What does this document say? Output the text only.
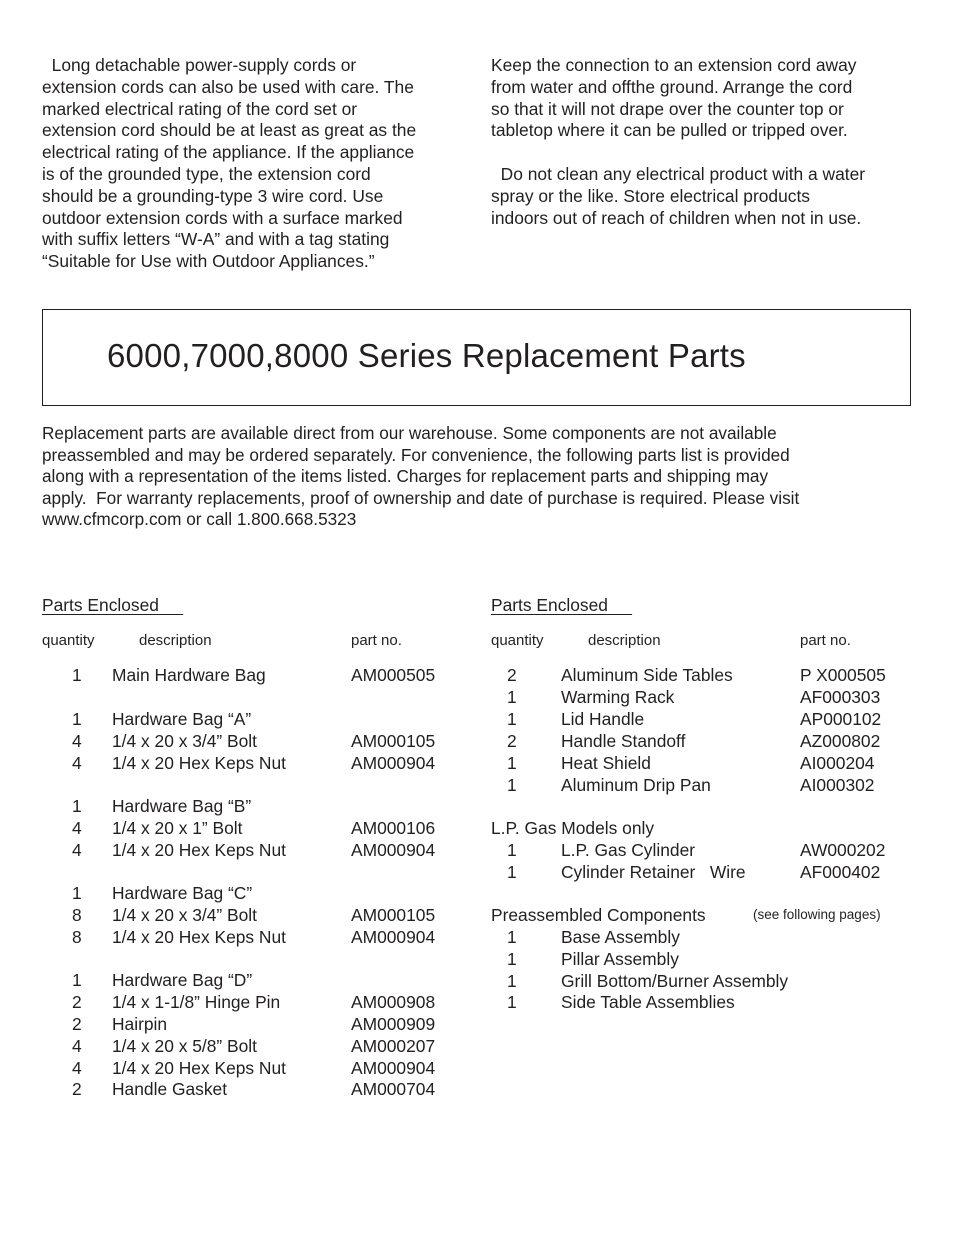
Long detachable power-supply cords or
extension cords can also be used with care. The
marked electrical rating of the cord set or
extension cord should be at least as great as the
electrical rating of the appliance. If the appliance
is of the grounded type, the extension cord
should be a grounding-type 3 wire cord. Use
outdoor extension cords with a surface marked
with suffix letters “W-A” and with a tag stating
“Suitable for Use with Outdoor Appliances.”

Keep the connection to an extension cord away
from water and offthe ground. Arrange the cord
so that it will not drape over the counter top or
tabletop where it can be pulled or tripped over.

Do not clean any electrical product with a water
spray or the like. Store electrical products
indoors out of reach of children when not in use.

6000,7000,8000 Series Replacement Parts
Replacement parts are available direct from our warehouse. Some components are not available
preassembled and may be ordered separately. For convenience, the following parts list is provided
along with a representation of the items listed. Charges for replacement parts and shipping may
apply.  For warranty replacements, proof of ownership and date of purchase is required. Please visit
www.cfmcorp.com or call 1.800.668.5323
Parts Enclosed
quantity	description	part no.
1 Main Hardware Bag	AM000505
1 Hardware Bag “A”
4 1/4 x 20 x 3/4” Bolt	AM000105
4 1/4 x 20 Hex Keps Nut	AM000904
1 Hardware Bag “B”
4 1/4 x 20 x 1” Bolt	AM000106
4 1/4 x 20 Hex Keps Nut	AM000904
1 Hardware Bag “C”
8 1/4 x 20 x 3/4” Bolt	AM000105
8 1/4 x 20 Hex Keps Nut	AM000904
1 Hardware Bag “D”
2 1/4 x 1-1/8” Hinge Pin	AM000908
2 Hairpin	AM000909
4 1/4 x 20 x 5/8” Bolt	AM000207
4 1/4 x 20 Hex Keps Nut	AM000904
2 Handle Gasket	AM000704
Parts Enclosed
quantity	description	part no.
2	Aluminum Side Tables	P X000505
1	Warming Rack	AF000303
1	Lid Handle	AP000102
2	Handle Standoff	AZ000802
1	Heat Shield	AI000204
1	Aluminum Drip Pan	AI000302
L.P. Gas Models only
1	L.P. Gas Cylinder	AW000202
1	Cylinder Retainer   Wire	AF000402
Preassembled Components	(see following pages)
1	Base Assembly
1	Pillar Assembly
1	Grill Bottom/Burner Assembly
1	Side Table Assemblies
